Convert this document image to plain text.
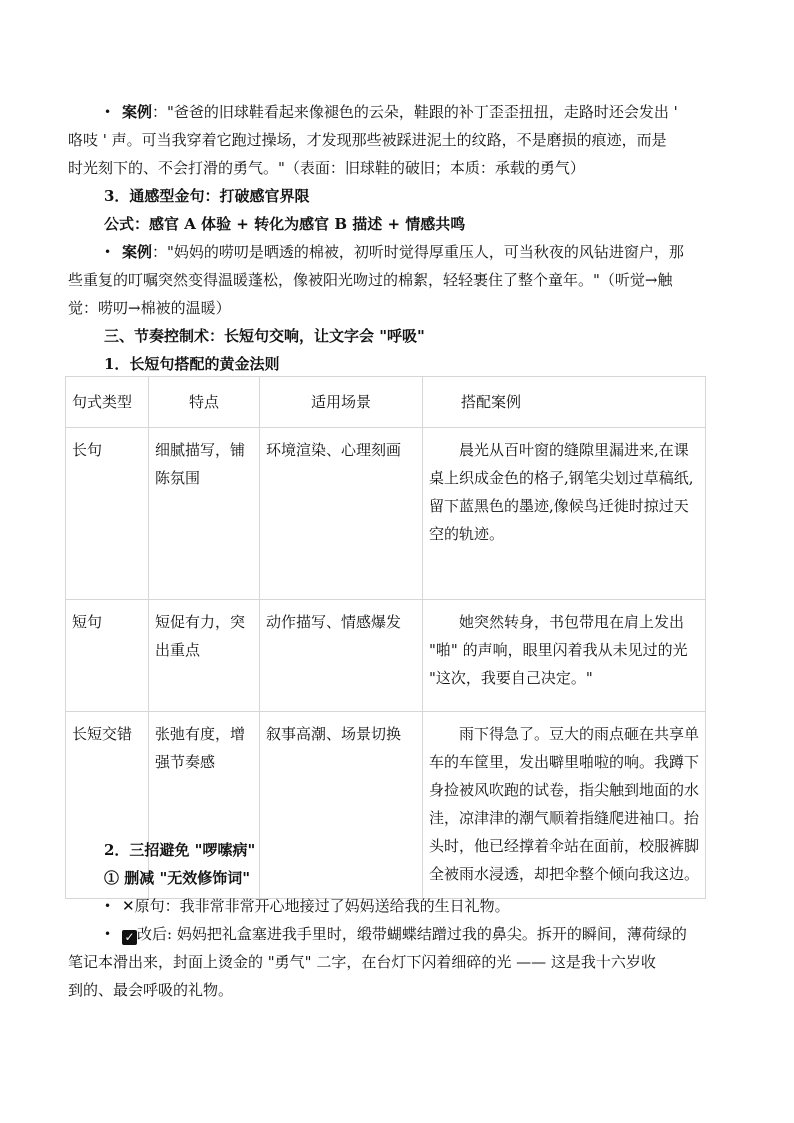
• 案例："爸爸的旧球鞋看起来像褪色的云朵，鞋跟的补丁歪歪扭扭，走路时还会发出 '
咯吱 ' 声。可当我穿着它跑过操场，才发现那些被踩进泥土的纹路，不是磨损的痕迹，而是
时光刻下的、不会打滑的勇气。"（表面：旧球鞋的破旧；本质：承载的勇气）
3．通感型金句：打破感官界限
公式：感官 A 体验 + 转化为感官 B 描述 + 情感共鸣
• 案例："妈妈的唠叨是晒透的棉被，初听时觉得厚重压人，可当秋夜的风钻进窗户，那
些重复的叮嘱突然变得温暖蓬松，像被阳光吻过的棉絮，轻轻裹住了整个童年。"（听觉→触
觉：唠叨→棉被的温暖）
三、节奏控制术：长短句交响，让文字会 "呼吸"
1．长短句搭配的黄金法则
句式类型	特点	适用场景	搭配案例
长句	细腻描写，铺陈氛围	环境渲染、心理刻画	晨光从百叶窗的缝隙里漏进来,在课桌上织成金色的格子,钢笔尖划过草稿纸,留下蓝黑色的墨迹,像候鸟迁徙时掠过天空的轨迹。
短句	短促有力，突出重点	动作描写、情感爆发	她突然转身，书包带甩在肩上发出 "啪" 的声响，眼里闪着我从未见过的光 "这次，我要自己决定。"
长短交错	张弛有度，增强节奏感	叙事高潮、场景切换	雨下得急了。豆大的雨点砸在共享单车的车筐里，发出噼里啪啦的响。我蹲下身捡被风吹跑的试卷，指尖触到地面的水洼，凉津津的潮气顺着指缝爬进袖口。抬头时，他已经撑着伞站在面前，校服裤脚全被雨水浸透，却把伞整个倾向我这边。
2．三招避免 "啰嗦病"
① 删减 "无效修饰词"
• ✕原句：我非常非常开心地接过了妈妈送给我的生日礼物。
• ✓ 改后: 妈妈把礼盒塞进我手里时，缎带蝴蝶结蹭过我的鼻尖。拆开的瞬间，薄荷绿的
笔记本滑出来，封面上烫金的 "勇气" 二字，在台灯下闪着细碎的光 —— 这是我十六岁收
到的、最会呼吸的礼物。
